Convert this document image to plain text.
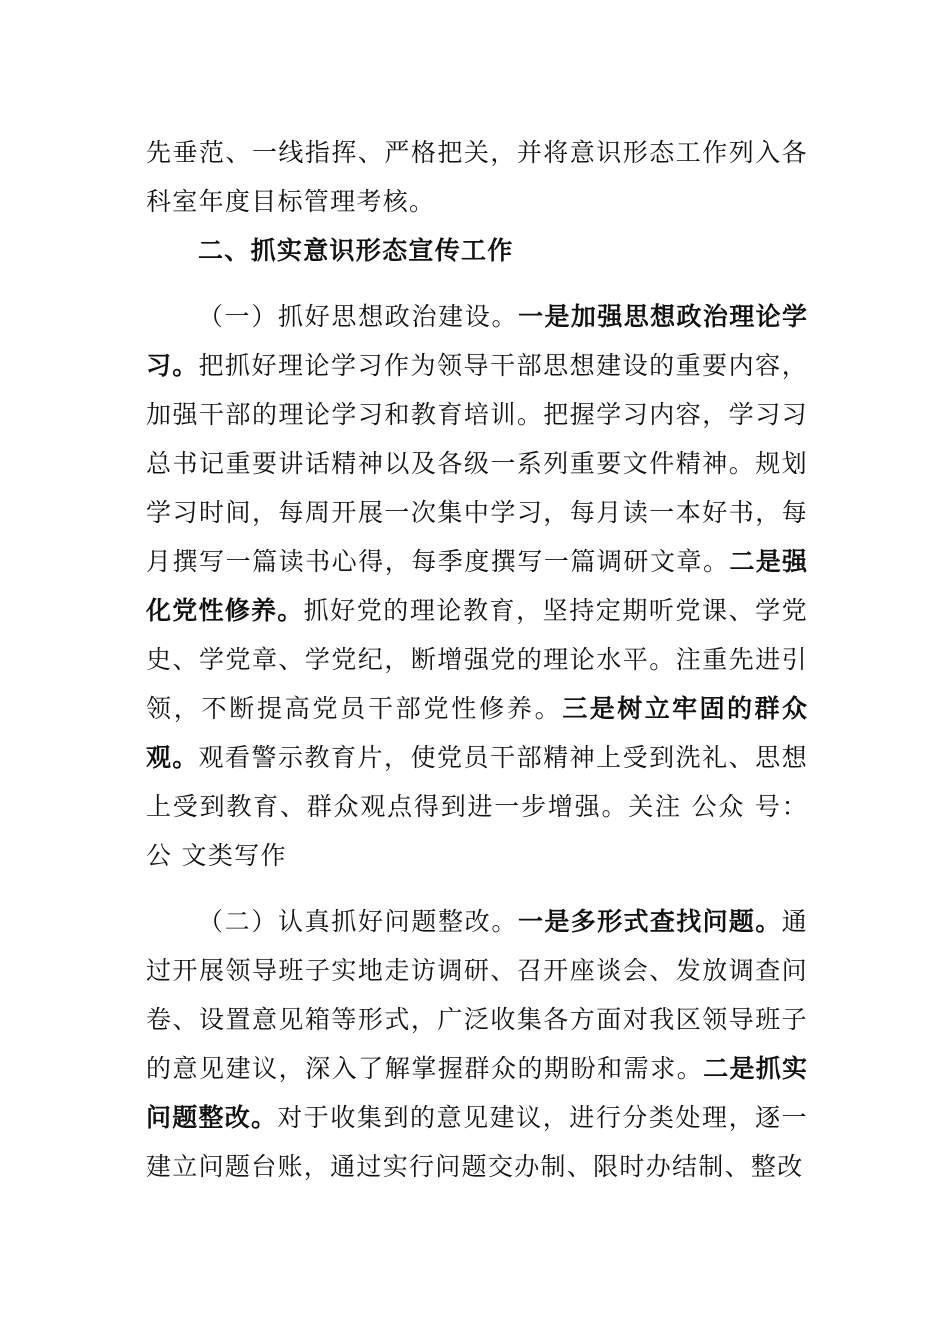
先垂范、一线指挥、严格把关，并将意识形态工作列入各科室年度目标管理考核。

二、抓实意识形态宣传工作

（一）抓好思想政治建设。一是加强思想政治理论学习。把抓好理论学习作为领导干部思想建设的重要内容，加强干部的理论学习和教育培训。把握学习内容，学习习总书记重要讲话精神以及各级一系列重要文件精神。规划学习时间，每周开展一次集中学习，每月读一本好书，每月撰写一篇读书心得，每季度撰写一篇调研文章。二是强化党性修养。抓好党的理论教育，坚持定期听党课、学党史、学党章、学党纪，断增强党的理论水平。注重先进引领，不断提高党员干部党性修养。三是树立牢固的群众观。观看警示教育片，使党员干部精神上受到洗礼、思想上受到教育、群众观点得到进一步增强。关注 公众 号：公 文类写作

（二）认真抓好问题整改。一是多形式查找问题。通过开展领导班子实地走访调研、召开座谈会、发放调查问卷、设置意见箱等形式，广泛收集各方面对我区领导班子的意见建议，深入了解掌握群众的期盼和需求。二是抓实问题整改。对于收集到的意见建议，进行分类处理，逐一建立问题台账，通过实行问题交办制、限时办结制、整改
